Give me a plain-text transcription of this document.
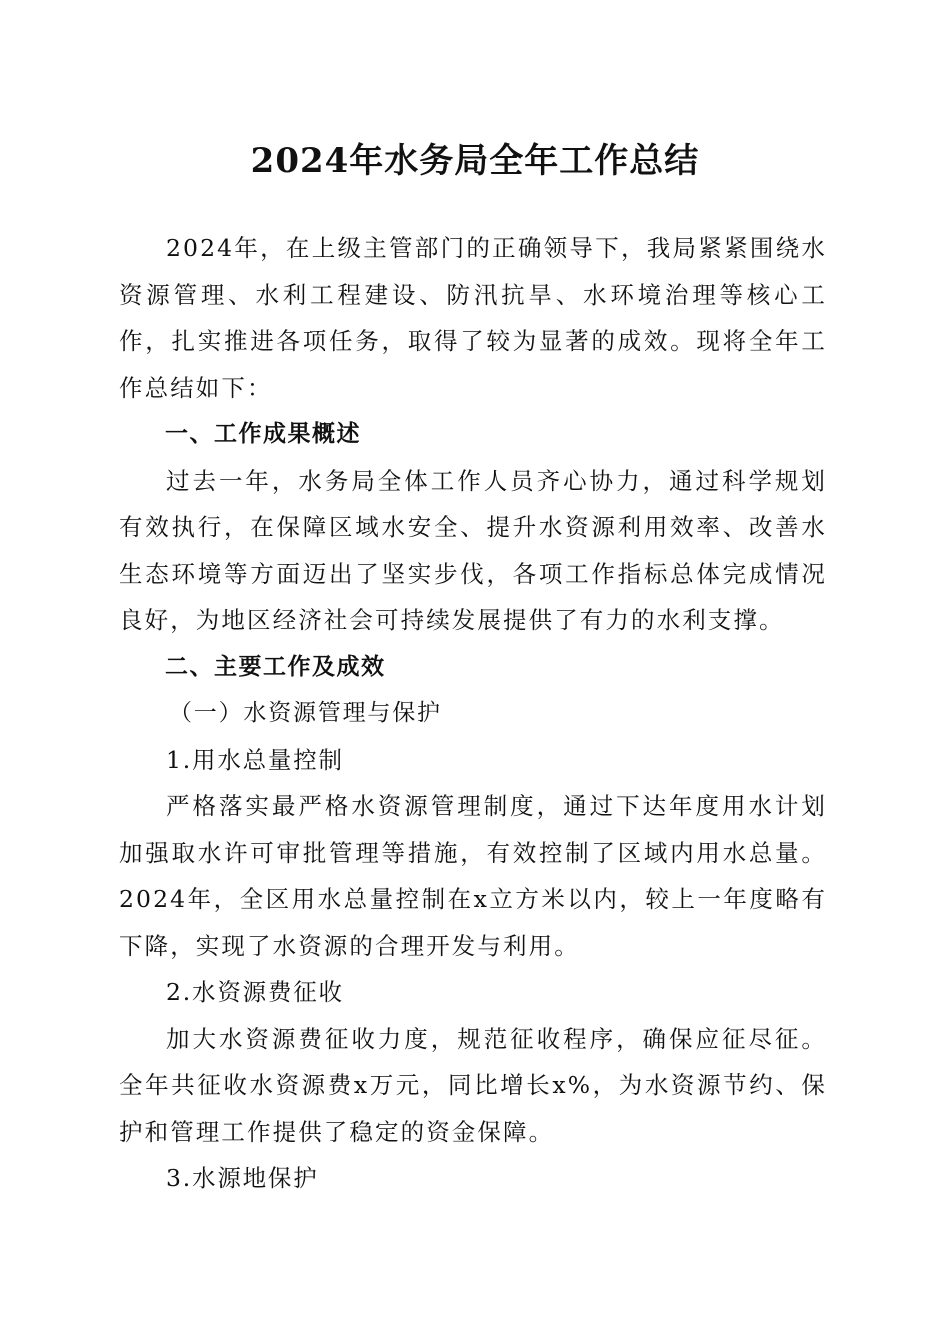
2024年水务局全年工作总结

2024年，在上级主管部门的正确领导下，我局紧紧围绕水资源管理、水利工程建设、防汛抗旱、水环境治理等核心工作，扎实推进各项任务，取得了较为显著的成效。现将全年工作总结如下：

一、工作成果概述

过去一年，水务局全体工作人员齐心协力，通过科学规划有效执行，在保障区域水安全、提升水资源利用效率、改善水生态环境等方面迈出了坚实步伐，各项工作指标总体完成情况良好，为地区经济社会可持续发展提供了有力的水利支撑。

二、主要工作及成效

（一）水资源管理与保护

1.用水总量控制

严格落实最严格水资源管理制度，通过下达年度用水计划加强取水许可审批管理等措施，有效控制了区域内用水总量。2024年，全区用水总量控制在x立方米以内，较上一年度略有下降，实现了水资源的合理开发与利用。

2.水资源费征收

加大水资源费征收力度，规范征收程序，确保应征尽征。全年共征收水资源费x万元，同比增长x%，为水资源节约、保护和管理工作提供了稳定的资金保障。

3.水源地保护
